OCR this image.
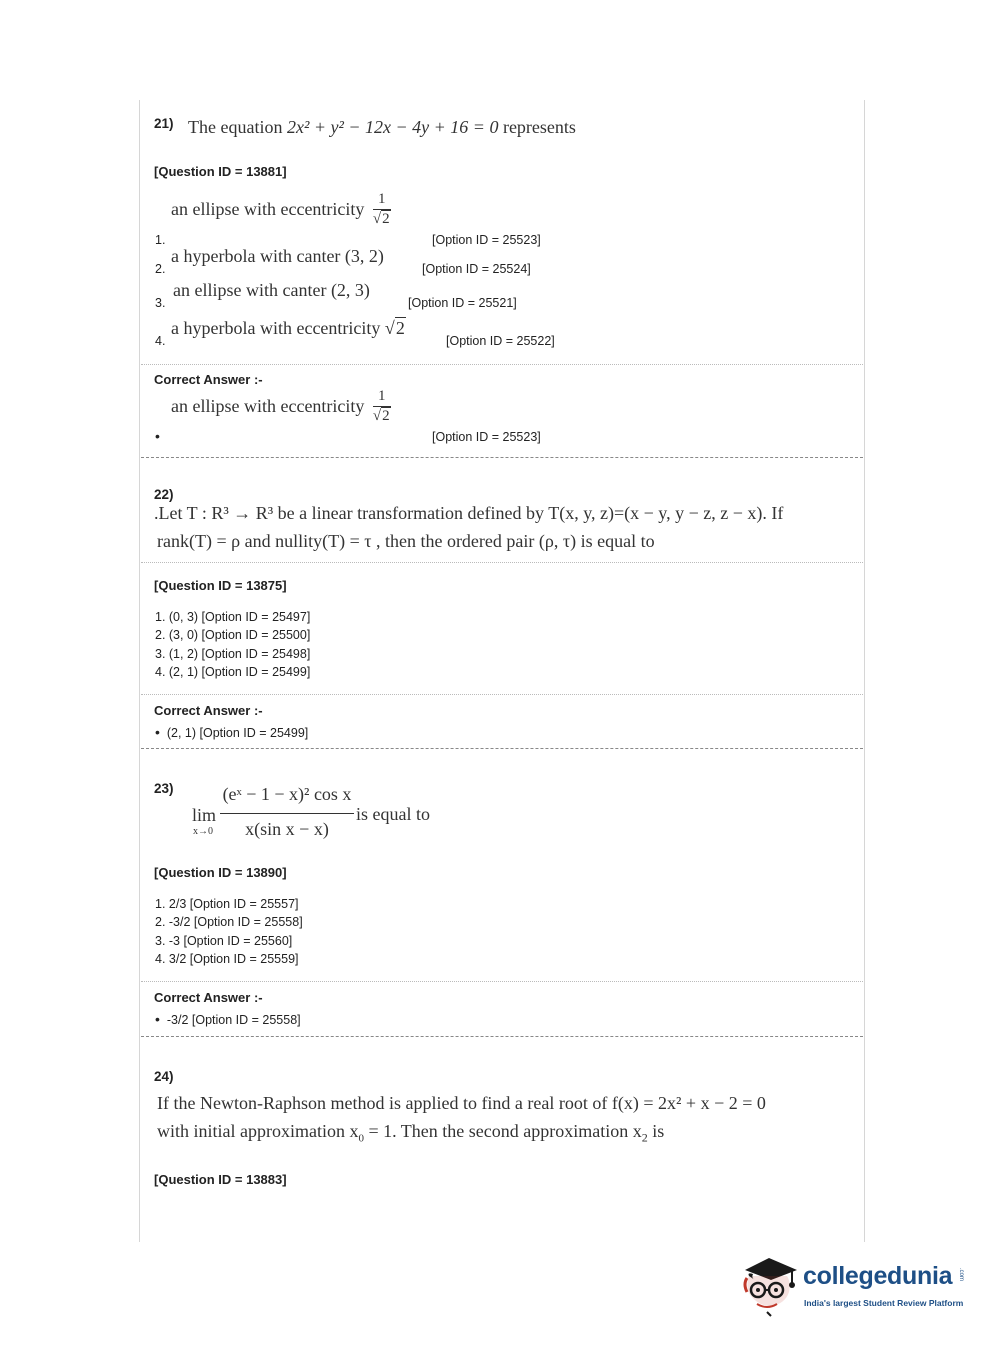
21) The equation 2x² + y² − 12x − 4y + 16 = 0 represents
[Question ID = 13881]
1.
an ellipse with eccentricity $\frac{1}{√2}$
[Option ID = 25523]
2.
a hyperbola with canter (3, 2)
[Option ID = 25524]
3.
an ellipse with canter (2, 3)
[Option ID = 25521]
4.
a hyperbola with eccentricity √2
[Option ID = 25522]
Correct Answer :-
an ellipse with eccentricity $\frac{1}{√2}$
•	[Option ID = 25523]
22)
.Let T : R³ → R³ be a linear transformation defined by T(x, y, z)=(x − y, y − z, z − x). If
rank(T) = ρ and nullity(T) = τ , then the ordered pair (ρ, τ) is equal to
[Question ID = 13875]
1. (0, 3) [Option ID = 25497]
2. (3, 0) [Option ID = 25500]
3. (1, 2) [Option ID = 25498]
4. (2, 1) [Option ID = 25499]
Correct Answer :-
• (2, 1) [Option ID = 25499]
23)
lim
x→0
(eˣ − 1 − x)² cos x
x(sin x − x)
is equal to
[Question ID = 13890]
1. 2/3 [Option ID = 25557]
2. -3/2 [Option ID = 25558]
3. -3 [Option ID = 25560]
4. 3/2 [Option ID = 25559]
Correct Answer :-
• -3/2 [Option ID = 25558]
24)
If the Newton-Raphson method is applied to find a real root of f(x) = 2x² + x − 2 = 0
with initial approximation $x_0 = 1$. Then the second approximation $x_2$ is
[Question ID = 13883]
collegedunia .com
India's largest Student Review Platform
